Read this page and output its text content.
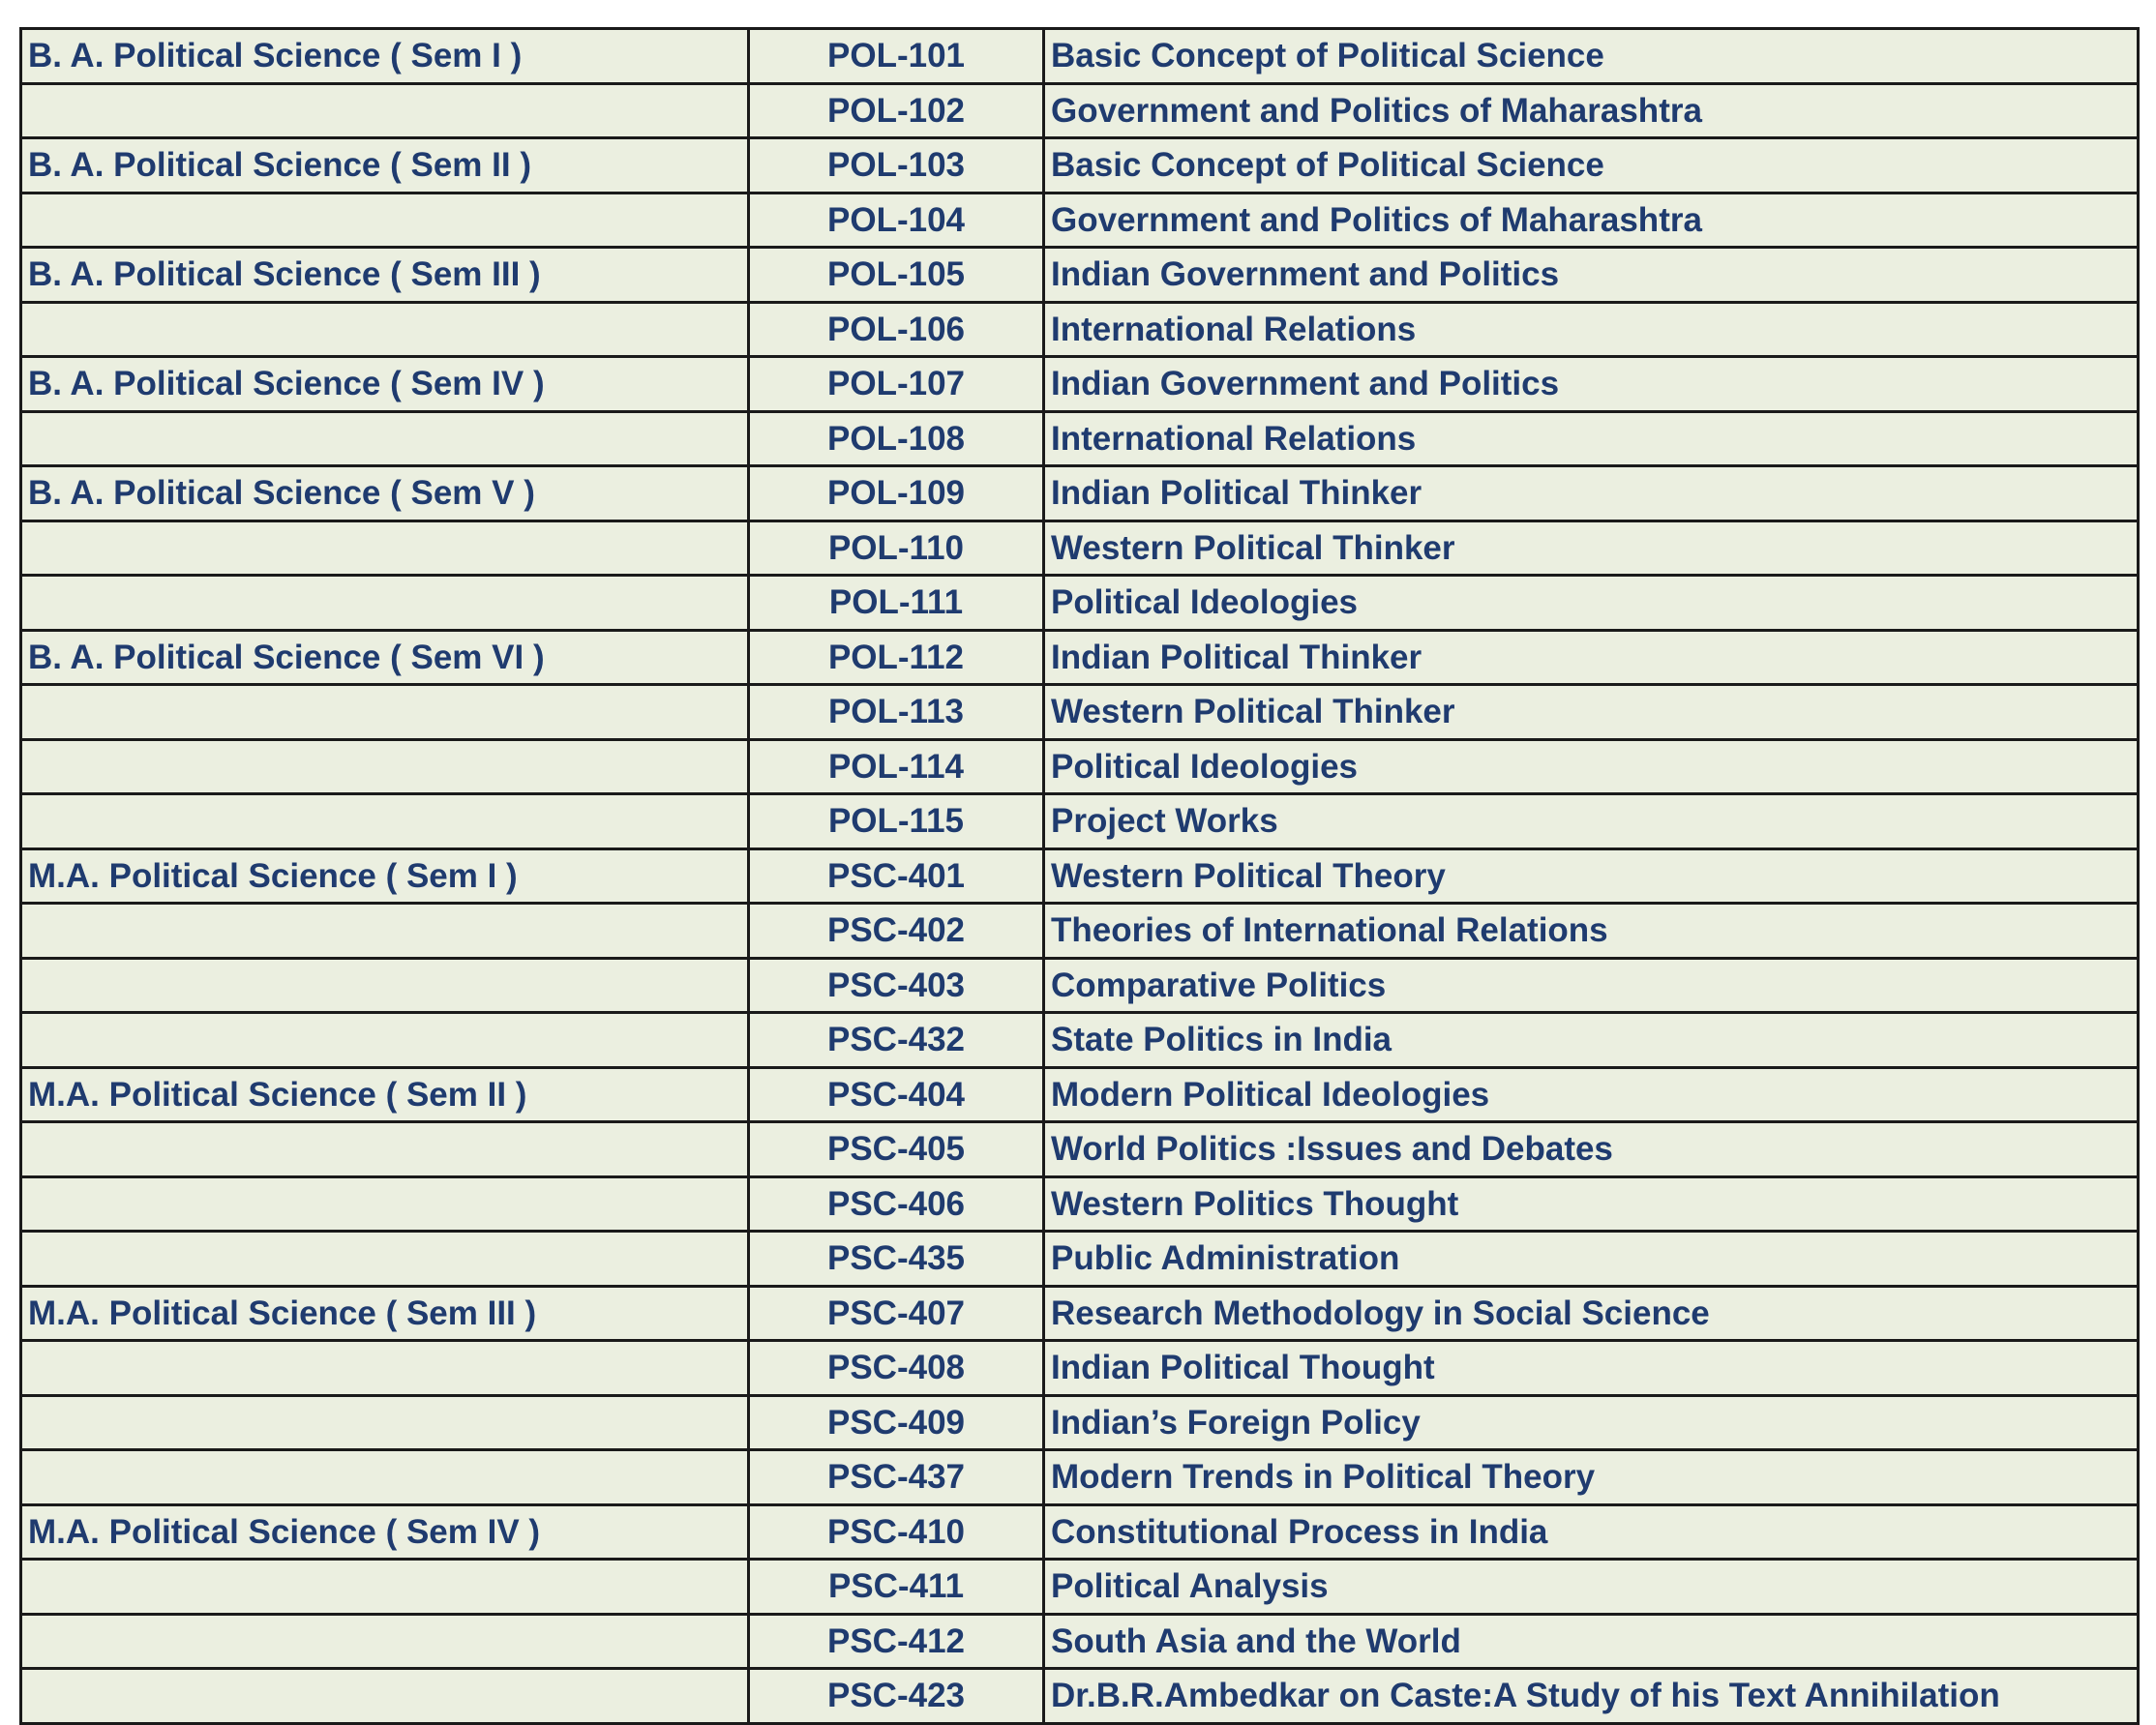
B. A. Political Science ( Sem I )	POL-101	Basic Concept of Political Science
	POL-102	Government and Politics of Maharashtra
B. A. Political Science ( Sem II )	POL-103	Basic Concept of Political Science
	POL-104	Government and Politics of Maharashtra
B. A. Political Science ( Sem III )	POL-105	Indian Government and Politics
	POL-106	International Relations
B. A. Political Science ( Sem IV )	POL-107	Indian Government and Politics
	POL-108	International Relations
B. A. Political Science ( Sem V )	POL-109	Indian Political Thinker
	POL-110	Western Political Thinker
	POL-111	Political Ideologies
B. A. Political Science ( Sem VI )	POL-112	Indian Political Thinker
	POL-113	Western Political Thinker
	POL-114	Political Ideologies
	POL-115	Project Works
M.A. Political Science ( Sem I )	PSC-401	Western Political Theory
	PSC-402	Theories of International Relations
	PSC-403	Comparative Politics
	PSC-432	State Politics in India
M.A. Political Science ( Sem II )	PSC-404	Modern Political Ideologies
	PSC-405	World Politics :Issues and Debates
	PSC-406	Western Politics Thought
	PSC-435	Public Administration
M.A. Political Science ( Sem III )	PSC-407	Research Methodology in Social Science
	PSC-408	Indian Political Thought
	PSC-409	Indian’s Foreign Policy
	PSC-437	Modern Trends in Political Theory
M.A. Political Science ( Sem IV )	PSC-410	Constitutional Process in India
	PSC-411	Political Analysis
	PSC-412	South Asia and the World
	PSC-423	Dr.B.R.Ambedkar on Caste:A Study of his Text Annihilation
